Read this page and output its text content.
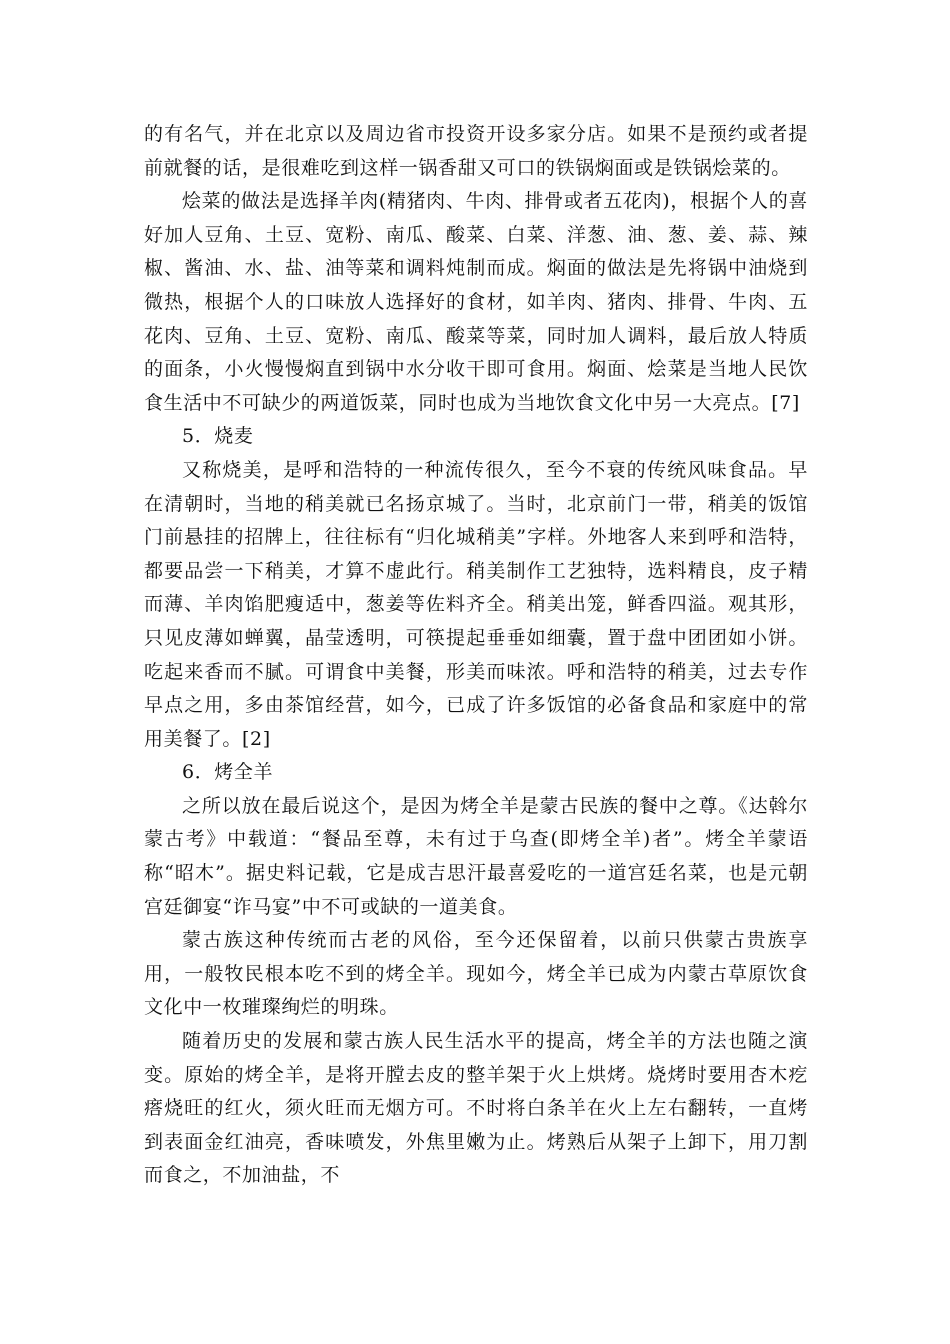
的有名气，并在北京以及周边省市投资开设多家分店。如果不是预约或者提前就餐的话，是很难吃到这样一锅香甜又可口的铁锅焖面或是铁锅烩菜的。

烩菜的做法是选择羊肉(精猪肉、牛肉、排骨或者五花肉)，根据个人的喜好加人豆角、土豆、宽粉、南瓜、酸菜、白菜、洋葱、油、葱、姜、蒜、辣椒、酱油、水、盐、油等菜和调料炖制而成。焖面的做法是先将锅中油烧到微热，根据个人的口味放人选择好的食材，如羊肉、猪肉、排骨、牛肉、五花肉、豆角、土豆、宽粉、南瓜、酸菜等菜，同时加人调料，最后放人特质的面条，小火慢慢焖直到锅中水分收干即可食用。焖面、烩菜是当地人民饮食生活中不可缺少的两道饭菜，同时也成为当地饮食文化中另一大亮点。[7]

5．烧麦

又称烧美，是呼和浩特的一种流传很久，至今不衰的传统风味食品。早在清朝时，当地的稍美就已名扬京城了。当时，北京前门一带，稍美的饭馆门前悬挂的招牌上，往往标有“归化城稍美”字样。外地客人来到呼和浩特，都要品尝一下稍美，才算不虚此行。稍美制作工艺独特，选料精良，皮子精而薄、羊肉馅肥瘦适中，葱姜等佐料齐全。稍美出笼，鲜香四溢。观其形，只见皮薄如蝉翼，晶莹透明，可筷提起垂垂如细囊，置于盘中团团如小饼。吃起来香而不腻。可谓食中美餐，形美而味浓。呼和浩特的稍美，过去专作早点之用，多由茶馆经营，如今，已成了许多饭馆的必备食品和家庭中的常用美餐了。[2]

6．烤全羊

之所以放在最后说这个，是因为烤全羊是蒙古民族的餐中之尊。《达斡尔蒙古考》中载道：“餐品至尊，未有过于乌查(即烤全羊)者”。烤全羊蒙语称“昭木”。据史料记载，它是成吉思汗最喜爱吃的一道宫廷名菜，也是元朝宫廷御宴“诈马宴”中不可或缺的一道美食。

蒙古族这种传统而古老的风俗，至今还保留着，以前只供蒙古贵族享用，一般牧民根本吃不到的烤全羊。现如今，烤全羊已成为内蒙古草原饮食文化中一枚璀璨绚烂的明珠。

随着历史的发展和蒙古族人民生活水平的提高，烤全羊的方法也随之演变。原始的烤全羊，是将开膛去皮的整羊架于火上烘烤。烧烤时要用杏木疙瘩烧旺的红火，须火旺而无烟方可。不时将白条羊在火上左右翻转，一直烤到表面金红油亮，香味喷发，外焦里嫩为止。烤熟后从架子上卸下，用刀割而食之，不加油盐，不
